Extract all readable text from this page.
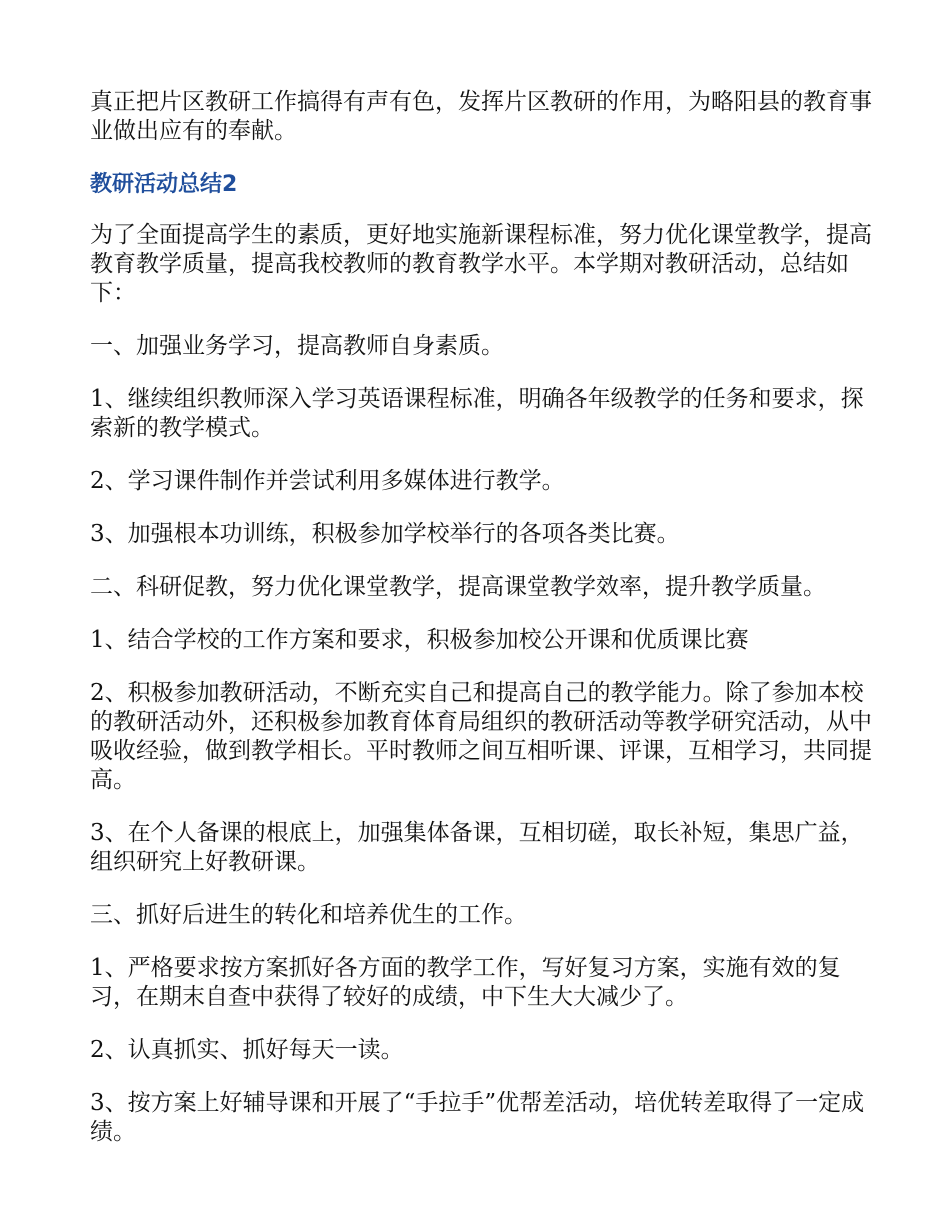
真正把片区教研工作搞得有声有色，发挥片区教研的作用，为略阳县的教育事业做出应有的奉献。

教研活动总结2

为了全面提高学生的素质，更好地实施新课程标准，努力优化课堂教学，提高教育教学质量，提高我校教师的教育教学水平。本学期对教研活动，总结如下：

一、加强业务学习，提高教师自身素质。

1、继续组织教师深入学习英语课程标准，明确各年级教学的任务和要求，探索新的教学模式。

2、学习课件制作并尝试利用多媒体进行教学。

3、加强根本功训练，积极参加学校举行的各项各类比赛。

二、科研促教，努力优化课堂教学，提高课堂教学效率，提升教学质量。

1、结合学校的工作方案和要求，积极参加校公开课和优质课比赛

2、积极参加教研活动，不断充实自己和提高自己的教学能力。除了参加本校的教研活动外，还积极参加教育体育局组织的教研活动等教学研究活动，从中吸收经验，做到教学相长。平时教师之间互相听课、评课，互相学习，共同提高。

3、在个人备课的根底上，加强集体备课，互相切磋，取长补短，集思广益，组织研究上好教研课。

三、抓好后进生的转化和培养优生的工作。

1、严格要求按方案抓好各方面的教学工作，写好复习方案，实施有效的复习，在期末自查中获得了较好的成绩，中下生大大减少了。

2、认真抓实、抓好每天一读。

3、按方案上好辅导课和开展了“手拉手”优帮差活动，培优转差取得了一定成绩。
